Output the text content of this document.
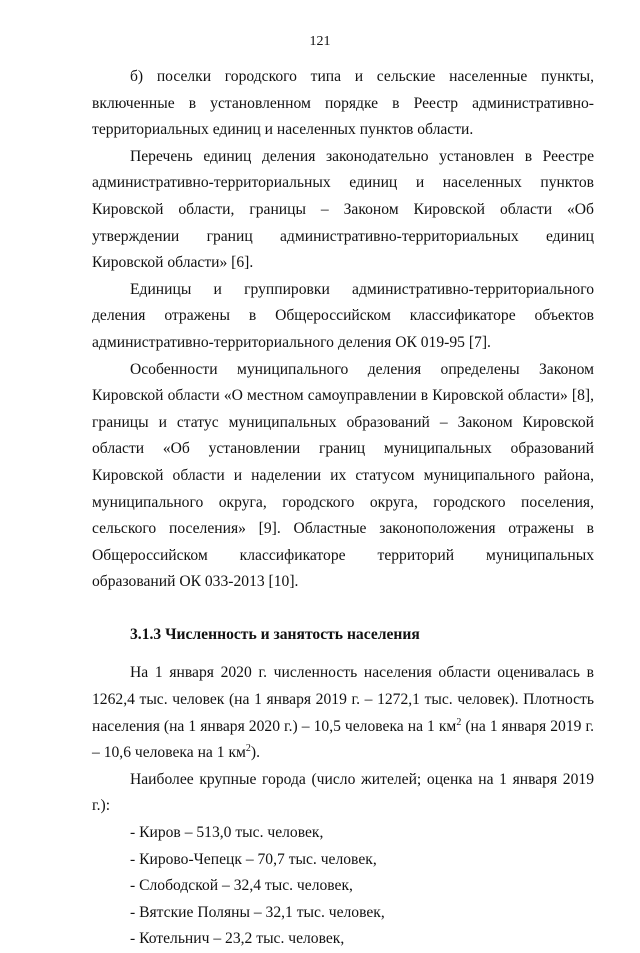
121

б) поселки городского типа и сельские населенные пункты, включенные в установленном порядке в Реестр административно-территориальных единиц и населенных пунктов области.

Перечень единиц деления законодательно установлен в Реестре административно-территориальных единиц и населенных пунктов Кировской области, границы – Законом Кировской области «Об утверждении границ административно-территориальных единиц Кировской области» [6].

Единицы и группировки административно-территориального деления отражены в Общероссийском классификаторе объектов административно-территориального деления ОК 019-95 [7].

Особенности муниципального деления определены Законом Кировской области «О местном самоуправлении в Кировской области» [8], границы и статус муниципальных образований – Законом Кировской области «Об установлении границ муниципальных образований Кировской области и наделении их статусом муниципального района, муниципального округа, городского округа, городского поселения, сельского поселения» [9]. Областные законоположения отражены в Общероссийском классификаторе территорий муниципальных образований ОК 033-2013 [10].

3.1.3 Численность и занятость населения

На 1 января 2020 г. численность населения области оценивалась в 1262,4 тыс. человек (на 1 января 2019 г. – 1272,1 тыс. человек). Плотность населения (на 1 января 2020 г.) – 10,5 человека на 1 $км^2$ (на 1 января 2019 г. – 10,6 человека на 1 $км^2$).

Наиболее крупные города (число жителей; оценка на 1 января 2019 г.):

- Киров – 513,0 тыс. человек,
- Кирово-Чепецк – 70,7 тыс. человек,
- Слободской – 32,4 тыс. человек,
- Вятские Поляны – 32,1 тыс. человек,
- Котельнич – 23,2 тыс. человек,
